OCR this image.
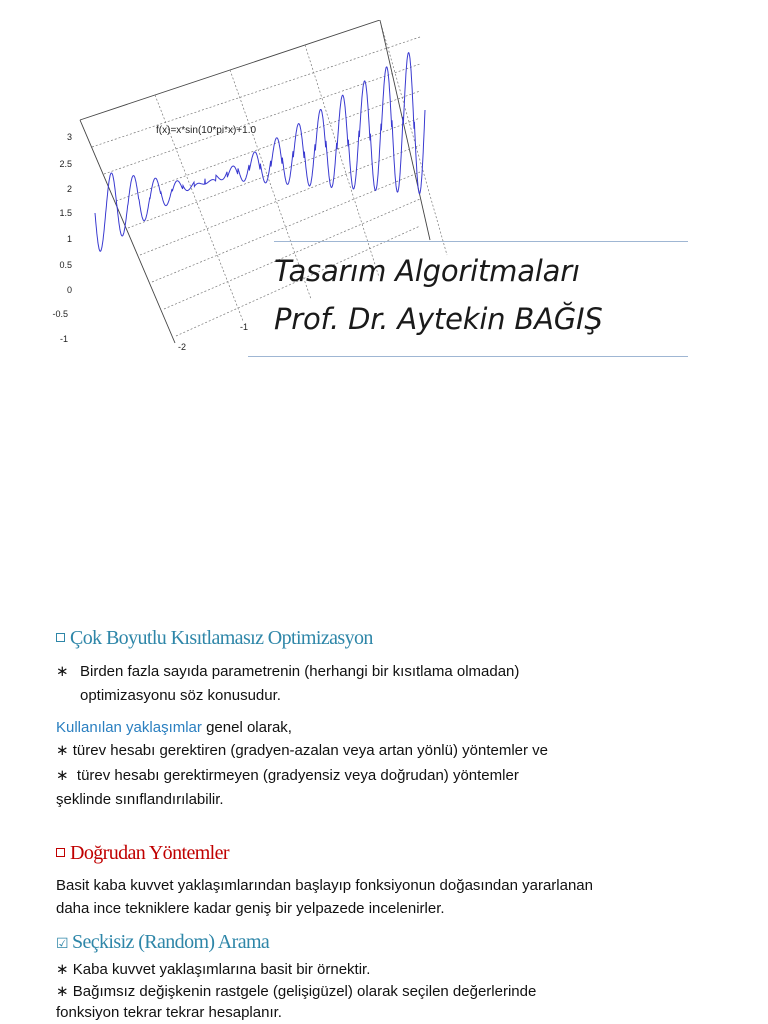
f(x)=x*sin(10*pi*x)+1.0
3
2.5
2
1.5
1
0.5
0
-0.5
-1
-2
-1
Tasarım Algoritmaları
Prof. Dr. Aytekin BAĞIŞ
Çok Boyutlu Kısıtlamasız Optimizasyon
∗ Birden fazla sayıda parametrenin (herhangi bir kısıtlama olmadan)
optimizasyonu söz konusudur.
Kullanılan yaklaşımlar genel olarak,
∗ türev hesabı gerektiren (gradyen-azalan veya artan yönlü) yöntemler ve
∗ türev hesabı gerektirmeyen (gradyensiz veya doğrudan) yöntemler
şeklinde sınıflandırılabilir.
Doğrudan Yöntemler
Basit kaba kuvvet yaklaşımlarından başlayıp fonksiyonun doğasından yararlanan
daha ince tekniklere kadar geniş bir yelpazede incelenirler.
☑ Seçkisiz (Random) Arama
∗ Kaba kuvvet yaklaşımlarına basit bir örnektir.
∗ Bağımsız değişkenin rastgele (gelişigüzel) olarak seçilen değerlerinde
fonksiyon tekrar tekrar hesaplanır.
